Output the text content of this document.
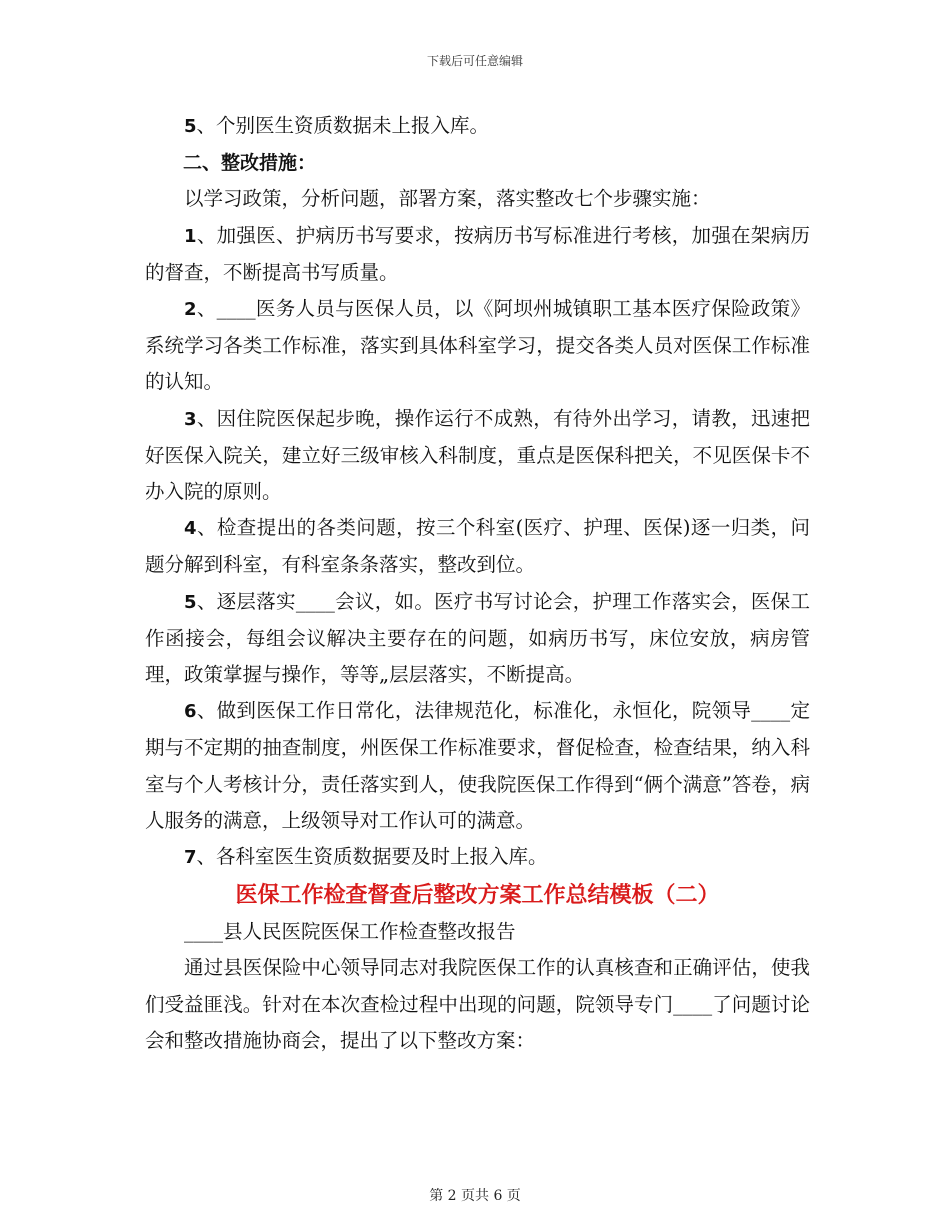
下载后可任意编辑

5、个别医生资质数据未上报入库。

二、整改措施：

以学习政策，分析问题，部署方案，落实整改七个步骤实施：

1、加强医、护病历书写要求，按病历书写标准进行考核，加强在架病历的督查，不断提高书写质量。

2、____医务人员与医保人员，以《阿坝州城镇职工基本医疗保险政策》系统学习各类工作标准，落实到具体科室学习，提交各类人员对医保工作标准的认知。

3、因住院医保起步晚，操作运行不成熟，有待外出学习，请教，迅速把好医保入院关，建立好三级审核入科制度，重点是医保科把关，不见医保卡不办入院的原则。

4、检查提出的各类问题，按三个科室(医疗、护理、医保)逐一归类，问题分解到科室，有科室条条落实，整改到位。

5、逐层落实____会议，如。医疗书写讨论会，护理工作落实会，医保工作函接会，每组会议解决主要存在的问题，如病历书写，床位安放，病房管理，政策掌握与操作，等等„层层落实，不断提高。

6、做到医保工作日常化，法律规范化，标准化，永恒化，院领导____定期与不定期的抽查制度，州医保工作标准要求，督促检查，检查结果，纳入科室与个人考核计分，责任落实到人，使我院医保工作得到“俩个满意”答卷，病人服务的满意，上级领导对工作认可的满意。

7、各科室医生资质数据要及时上报入库。

医保工作检查督查后整改方案工作总结模板（二）

____县人民医院医保工作检查整改报告

通过县医保险中心领导同志对我院医保工作的认真核查和正确评估，使我们受益匪浅。针对在本次查检过程中出现的问题，院领导专门____了问题讨论会和整改措施协商会，提出了以下整改方案：

第 2 页共 6 页
